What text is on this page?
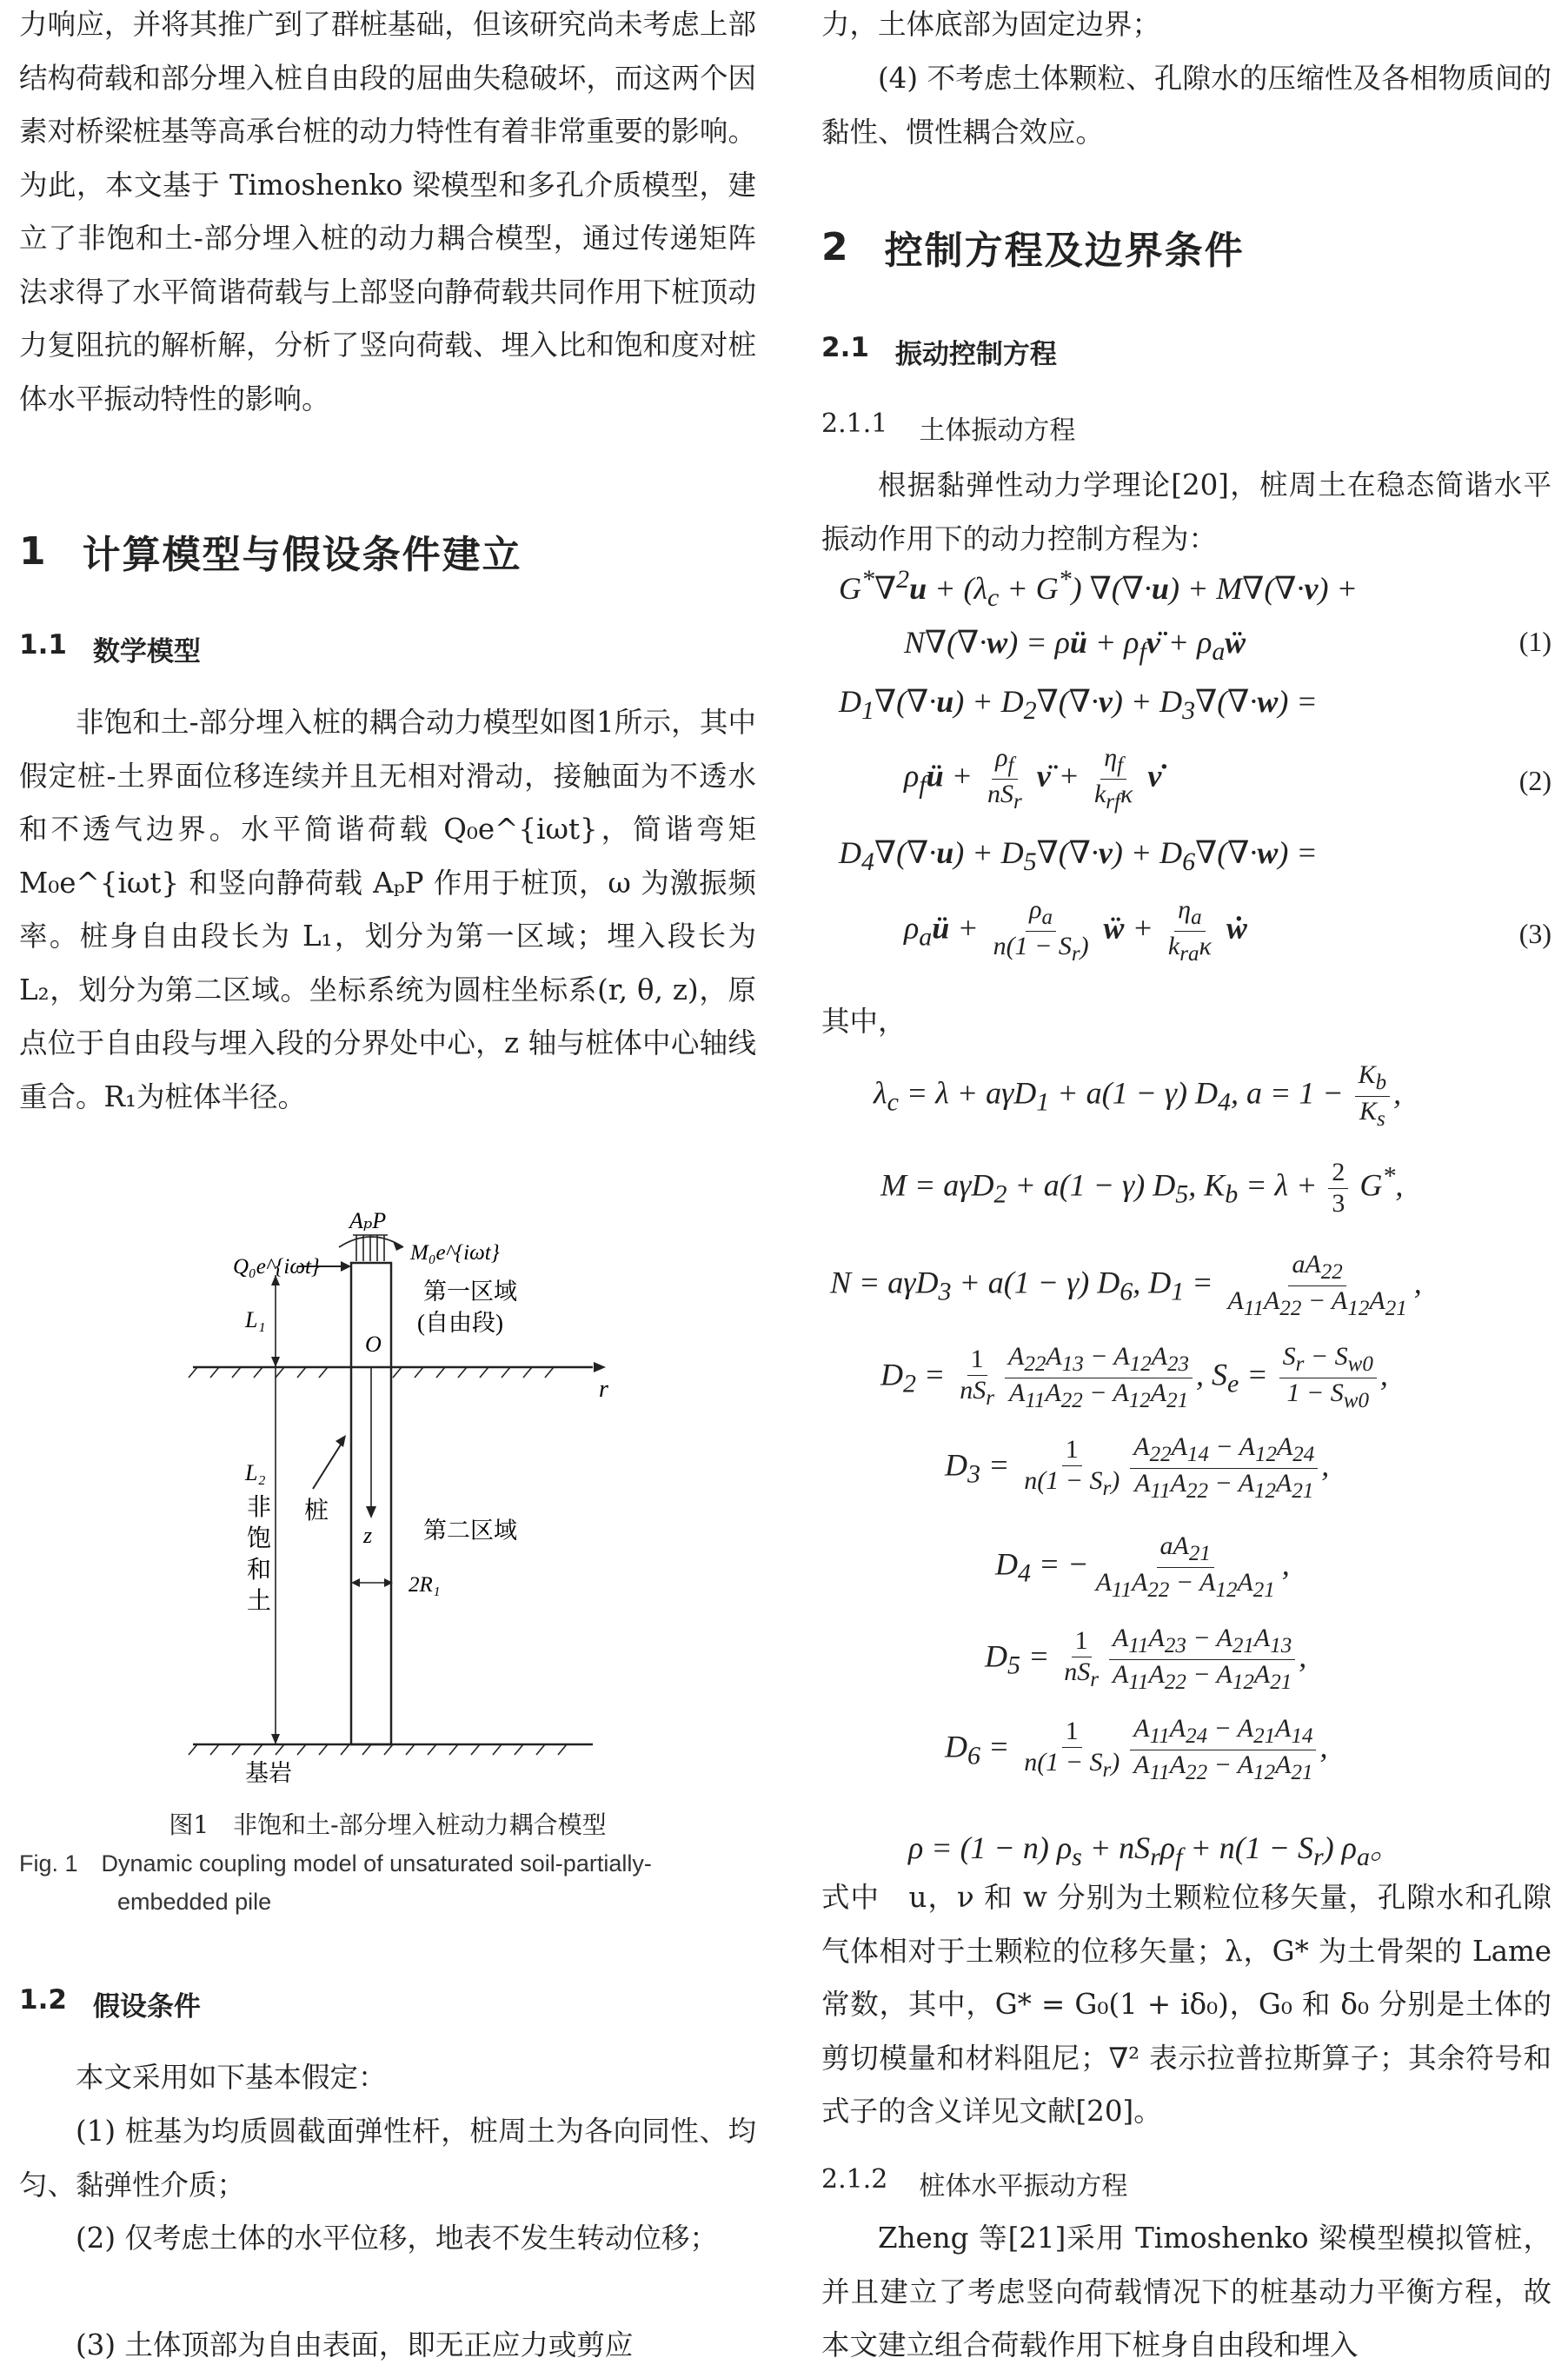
力响应，并将其推广到了群桩基础，但该研究尚未考虑上部结构荷载和部分埋入桩自由段的屈曲失稳破坏，而这两个因素对桥梁桩基等高承台桩的动力特性有着非常重要的影响。为此，本文基于 Timoshenko 梁模型和多孔介质模型，建立了非饱和土-部分埋入桩的动力耦合模型，通过传递矩阵法求得了水平简谐荷载与上部竖向静荷载共同作用下桩顶动力复阻抗的解析解，分析了竖向荷载、埋入比和饱和度对桩体水平振动特性的影响。

1 计算模型与假设条件建立
1.1 数学模型

非饱和土-部分埋入桩的耦合动力模型如图1所示，其中假定桩-土界面位移连续并且无相对滑动，接触面为不透水和不透气边界。水平简谐荷载 Q₀e^{iωt}，简谐弯矩 M₀e^{iωt} 和竖向静荷载 AₚP 作用于桩顶，ω 为激振频率。桩身自由段长为 L₁，划分为第一区域；埋入段长为 L₂，划分为第二区域。坐标系统为圆柱坐标系(r, θ, z)，原点位于自由段与埋入段的分界处中心，z 轴与桩体中心轴线重合。R₁为桩体半径。

AₚP
Q₀e^{iωt}
M₀e^{iωt}
L₁
第一区域
(自由段)
O
r
L₂
非
饱
和
土
桩
z 第二区域
2R₁
基岩

图1　非饱和土-部分埋入桩动力耦合模型

Fig. 1　Dynamic coupling model of unsaturated soil-partially-

embedded pile

1.2 假设条件

本文采用如下基本假定：

(1) 桩基为均质圆截面弹性杆，桩周土为各向同性、均匀、黏弹性介质；

(2) 仅考虑土体的水平位移，地表不发生转动位移；

(3) 土体顶部为自由表面，即无正应力或剪应

力，土体底部为固定边界；

(4) 不考虑土体颗粒、孔隙水的压缩性及各相物质间的黏性、惯性耦合效应。

2 控制方程及边界条件
2.1 振动控制方程
2.1.1 土体振动方程

根据黏弹性动力学理论[20]，桩周土在稳态简谐水平振动作用下的动力控制方程为：

$G^*\nabla^2u + (\lambda_c + G^*) \nabla(\nabla\cdot u) + M\nabla(\nabla\cdot\nu)$ +
N∇(∇·w) = ρü + $\rho_f\nü$ + $\rho_aẅ$	(1)
$D_1\nabla(\nabla\cdot u) + D_2\nabla(\nabla\cdot\nu) + D_3\nabla(\nabla\cdot w)$ =
$\rho_fü + \frac{\rho_f}{nS_r}$ ν̈ + $\frac{\eta_f}{k_{rf}\kappa}$ ν̇	(2)
$D_4\nabla(\nabla\cdot u) + D_5\nabla(\nabla\cdot\nu) + D_6\nabla(\nabla\cdot w)$ =
$\rho_aü + \frac{\rho_a}{n(1 - S_r)}$ ẅ + $\frac{\eta_a}{k_{ra}\kappa}$ ẇ	(3)

其中，

$\lambda_c = \lambda + a\gamma D_1 + a(1 - \gamma)$ $D_4$, $a = 1 - \frac{K_b}{K_s}$ ,
M = aγD$_2$ + a(1 − γ) $D_5$, $K_b = \lambda + \frac{2}{3} G^*$,
N = aγD$_3$ + a(1 − γ) $D_6$, $D_1 = \frac{aA_{22}}{A_{11}A_{22} - A_{12}A_{21}}$ ,
$D_2 = \frac{1}{nS_r} \frac{A_{22}A_{13} - A_{12}A_{23}}{A_{11}A_{22} - A_{12}A_{21}}$ , $S_e = \frac{S_r - S_{w0}}{1 - S_{w0}}$ ,
$D_3 = \frac{1}{n(1 - S_r)} \frac{A_{22}A_{14} - A_{12}A_{24}}{A_{11}A_{22} - A_{12}A_{21}}$ ,
$D_4$ = − $\frac{aA_{21}}{A_{11}A_{22} - A_{12}A_{21}}$ ,
$D_5 = \frac{1}{nS_r} \frac{A_{11}A_{23} - A_{21}A_{13}}{A_{11}A_{22} - A_{12}A_{21}}$ ,
$D_6 = \frac{1}{n(1 - S_r)} \frac{A_{11}A_{24} - A_{21}A_{14}}{A_{11}A_{22} - A_{12}A_{21}}$ ,
ρ = (1 − n) $\rho_s + nS_r\rho_f + n(1 - S_r)$ $\rho_a$。

式中　u，ν 和 w 分别为土颗粒位移矢量，孔隙水和孔隙气体相对于土颗粒的位移矢量；λ，G* 为土骨架的 Lame 常数，其中，G* = G₀(1 + iδ₀)，G₀ 和 δ₀ 分别是土体的剪切模量和材料阻尼；∇² 表示拉普拉斯算子；其余符号和式子的含义详见文献[20]。

2.1.2 桩体水平振动方程

Zheng 等[21]采用 Timoshenko 梁模型模拟管桩，并且建立了考虑竖向荷载情况下的桩基动力平衡方程，故本文建立组合荷载作用下桩身自由段和埋入
